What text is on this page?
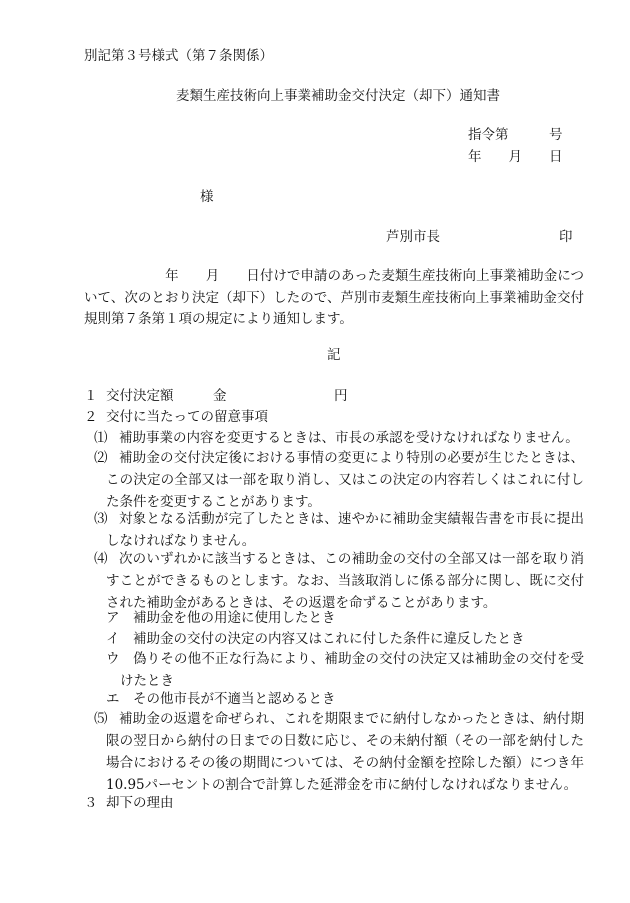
別記第３号様式（第７条関係）
麦類生産技術向上事業補助金交付決定（却下）通知書
指令第　　　号
年　　月　　日
様
芦別市長	印
　　　　　　年　　月　　日付けで申請のあった麦類生産技術向上事業補助金について、次のとおり決定（却下）したので、芦別市麦類生産技術向上事業補助金交付規則第７条第１項の規定により通知します。
記
１ 交付決定額	金	円
２ 交付に当たっての留意事項
⑴ 補助事業の内容を変更するときは、市長の承認を受けなければなりません。
⑵ 補助金の交付決定後における事情の変更により特別の必要が生じたときは、この決定の全部又は一部を取り消し、又はこの決定の内容若しくはこれに付した条件を変更することがあります。
⑶ 対象となる活動が完了したときは、速やかに補助金実績報告書を市長に提出しなければなりません。
⑷ 次のいずれかに該当するときは、この補助金の交付の全部又は一部を取り消すことができるものとします。なお、当該取消しに係る部分に関し、既に交付された補助金があるときは、その返還を命ずることがあります。
ア 補助金を他の用途に使用したとき
イ 補助金の交付の決定の内容又はこれに付した条件に違反したとき
ウ	偽りその他不正な行為により、補助金の交付の決定又は補助金の交付を受けたとき
エ その他市長が不適当と認めるとき
⑸ 補助金の返還を命ぜられ、これを期限までに納付しなかったときは、納付期限の翌日から納付の日までの日数に応じ、その未納付額（その一部を納付した場合におけるその後の期間については、その納付金額を控除した額）につき年10.95パーセントの割合で計算した延滞金を市に納付しなければなりません。
３ 却下の理由
